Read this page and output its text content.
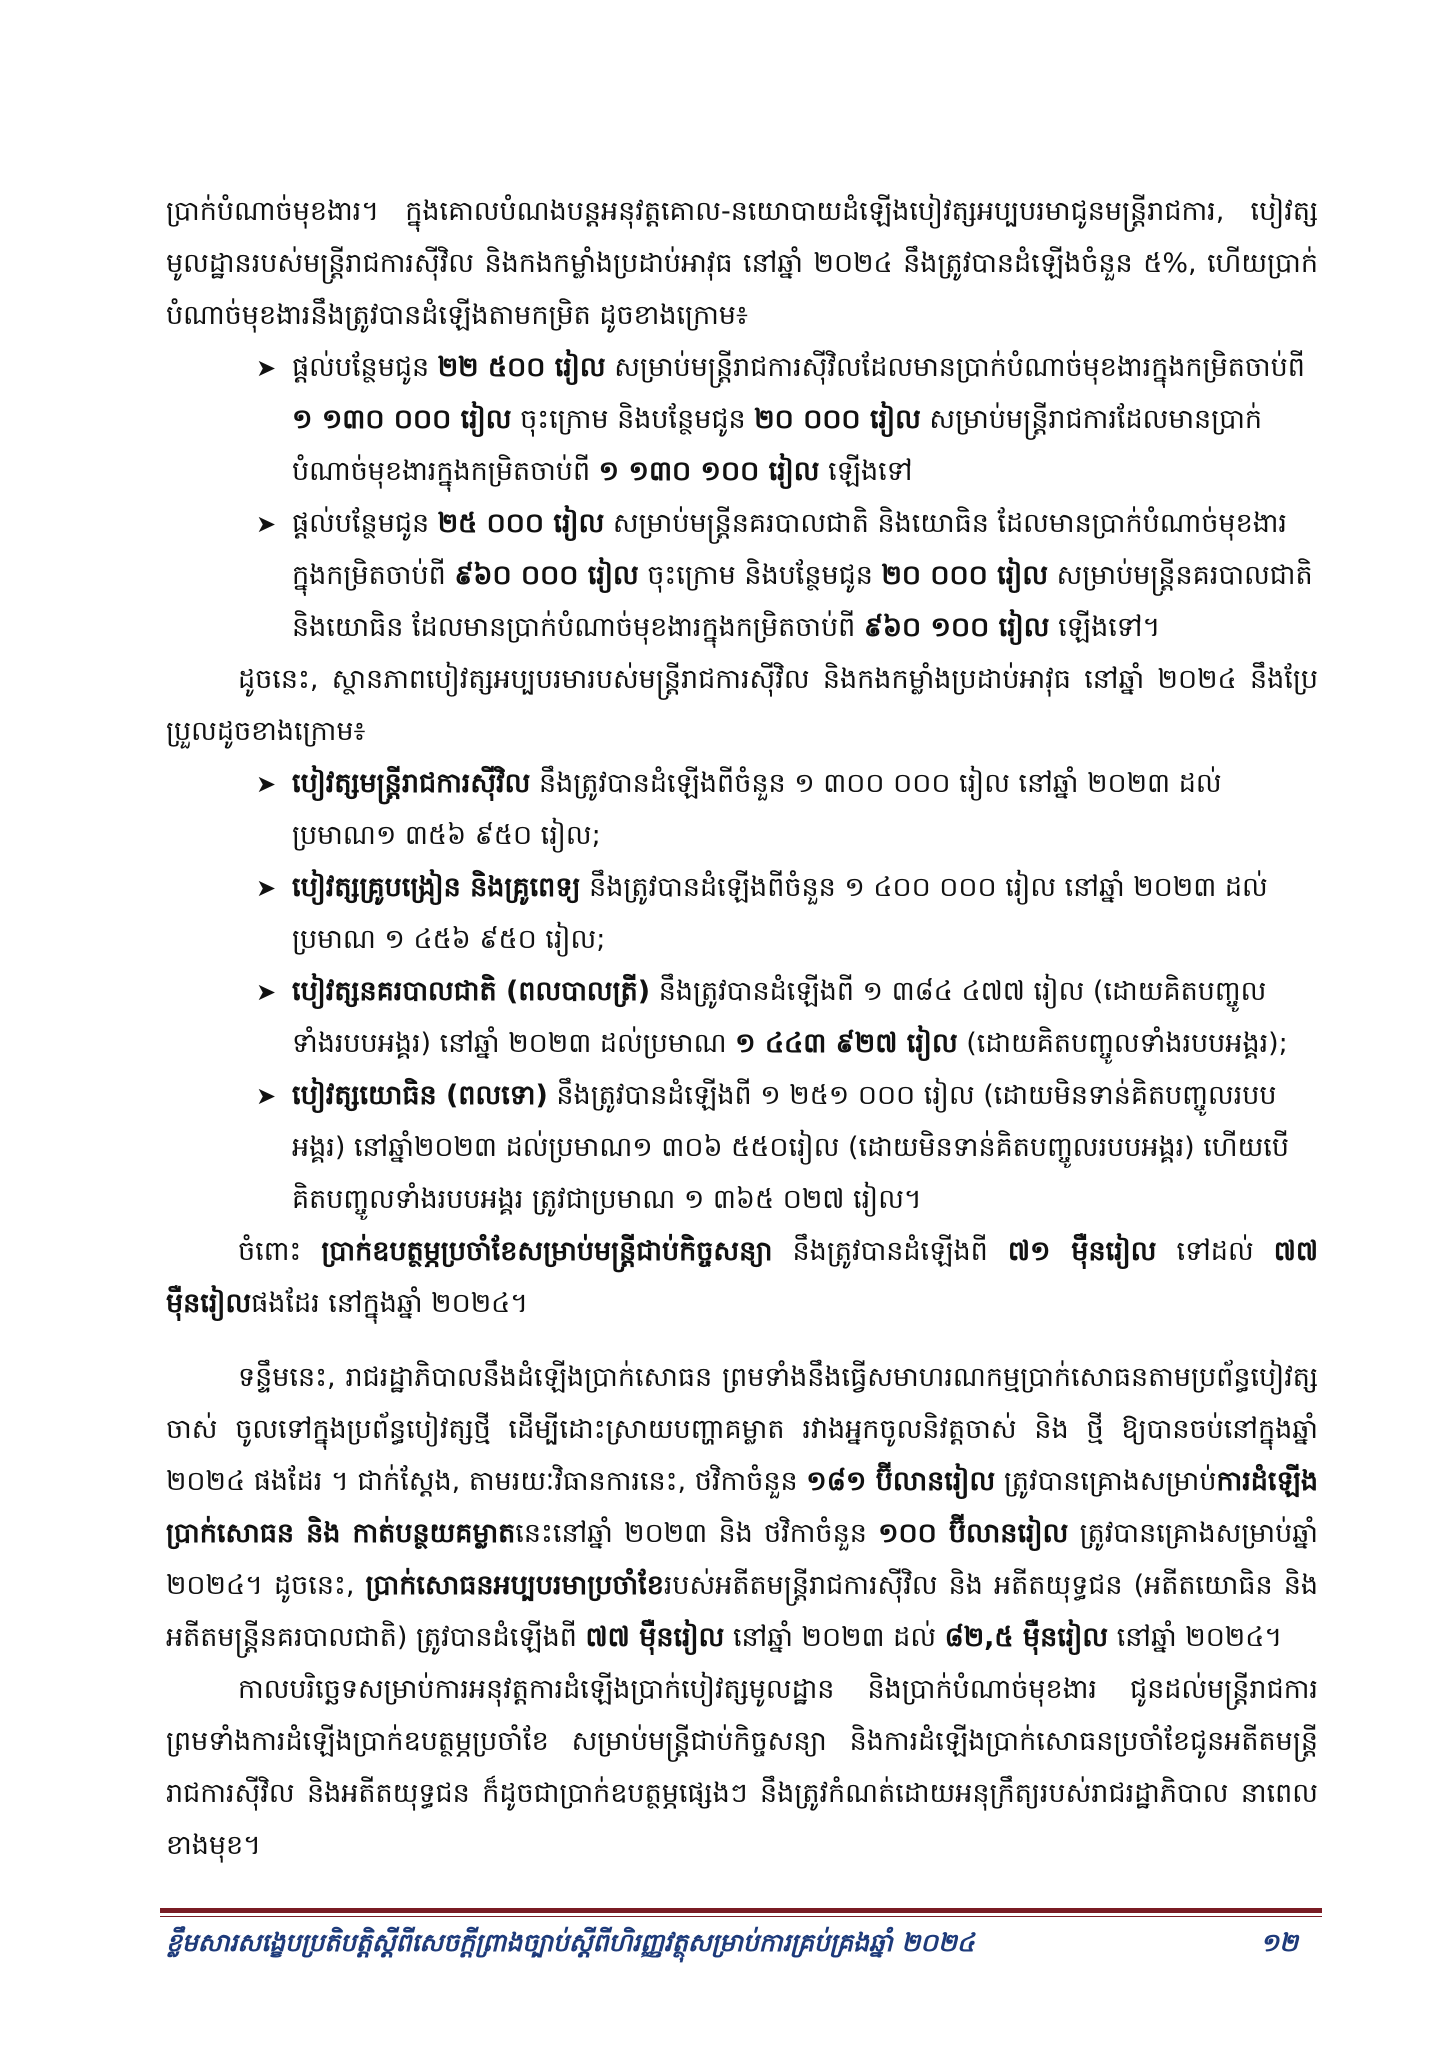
ប្រាក់បំណាច់មុខងារ។ ក្នុងគោលបំណងបន្តអនុវត្តគោល-នយោបាយដំឡើងបៀវត្សអប្បបរមាជូនមន្ត្រីរាជការ, បៀវត្សមូលដ្ឋានរបស់មន្ត្រីរាជការស៊ីវិល និងកងកម្លាំងប្រដាប់អាវុធ នៅឆ្នាំ ២០២៤ នឹងត្រូវបានដំឡើងចំនួន ៥%, ហើយប្រាក់បំណាច់មុខងារនឹងត្រូវបានដំឡើងតាមកម្រិត ដូចខាងក្រោម៖

➤ ផ្តល់បន្ថែមជូន ២២ ៥០០ រៀល សម្រាប់មន្ត្រីរាជការស៊ីវិលដែលមានប្រាក់បំណាច់មុខងារក្នុងកម្រិតចាប់ពី ១ ១៣០ ០០០ រៀល ចុះក្រោម និងបន្ថែមជូន ២០ ០០០ រៀល សម្រាប់មន្ត្រីរាជការដែលមានប្រាក់បំណាច់មុខងារក្នុងកម្រិតចាប់ពី ១ ១៣០ ១០០ រៀល ឡើងទៅ
➤ ផ្តល់បន្ថែមជូន ២៥ ០០០ រៀល សម្រាប់មន្ត្រីនគរបាលជាតិ និងយោធិន ដែលមានប្រាក់បំណាច់មុខងារ ក្នុងកម្រិតចាប់ពី ៩៦០ ០០០ រៀល ចុះក្រោម និងបន្ថែមជូន ២០ ០០០ រៀល សម្រាប់មន្ត្រីនគរបាលជាតិ និងយោធិន ដែលមានប្រាក់បំណាច់មុខងារក្នុងកម្រិតចាប់ពី ៩៦០ ១០០ រៀល ឡើងទៅ។

ដូចនេះ, ស្ថានភាពបៀវត្សអប្បបរមារបស់មន្ត្រីរាជការស៊ីវិល និងកងកម្លាំងប្រដាប់អាវុធ នៅឆ្នាំ ២០២៤ នឹងប្រែប្រួលដូចខាងក្រោម៖

➤ បៀវត្សមន្ត្រីរាជការស៊ីវិល នឹងត្រូវបានដំឡើងពីចំនួន ១ ៣០០ ០០០ រៀល នៅឆ្នាំ ២០២៣ ដល់ប្រមាណ១ ៣៥៦ ៩៥០ រៀល;
➤ បៀវត្សគ្រូបង្រៀន និងគ្រូពេទ្យ នឹងត្រូវបានដំឡើងពីចំនួន ១ ៤០០ ០០០ រៀល នៅឆ្នាំ ២០២៣ ដល់ប្រមាណ ១ ៤៥៦ ៩៥០ រៀល;
➤ បៀវត្សនគរបាលជាតិ (ពលបាលត្រី) នឹងត្រូវបានដំឡើងពី ១ ៣៨៤ ៤៧៧ រៀល (ដោយគិតបញ្ចូលទាំងរបបអង្គរ) នៅឆ្នាំ ២០២៣ ដល់ប្រមាណ ១ ៤៤៣ ៩២៧ រៀល (ដោយគិតបញ្ចូលទាំងរបបអង្គរ);
➤ បៀវត្សយោធិន (ពលទោ) នឹងត្រូវបានដំឡើងពី ១ ២៥១ ០០០ រៀល (ដោយមិនទាន់គិតបញ្ចូលរបបអង្គរ) នៅឆ្នាំ២០២៣ ដល់ប្រមាណ១ ៣០៦ ៥៥០រៀល (ដោយមិនទាន់គិតបញ្ចូលរបបអង្គរ) ហើយបើគិតបញ្ចូលទាំងរបបអង្គរ ត្រូវជាប្រមាណ ១ ៣៦៥ ០២៧ រៀល។

ចំពោះ ប្រាក់ឧបត្ថម្ភប្រចាំខែសម្រាប់មន្ត្រីជាប់កិច្ចសន្យា នឹងត្រូវបានដំឡើងពី ៧១ ម៉ឺនរៀល ទៅដល់ ៧៧ ម៉ឺនរៀលផងដែរ នៅក្នុងឆ្នាំ ២០២៤។

ទន្ទឹមនេះ, រាជរដ្ឋាភិបាលនឹងដំឡើងប្រាក់សោធន ព្រមទាំងនឹងធ្វើសមាហរណកម្មប្រាក់សោធនតាមប្រព័ន្ធបៀវត្សចាស់ ចូលទៅក្នុងប្រព័ន្ធបៀវត្សថ្មី ដើម្បីដោះស្រាយបញ្ហាគម្លាត រវាងអ្នកចូលនិវត្តចាស់ និង ថ្មី ឱ្យបានចប់នៅក្នុងឆ្នាំ ២០២៤ ផងដែរ ។ ជាក់ស្តែង, តាមរយៈវិធានការនេះ, ថវិកាចំនួន ១៨១ ប៊ីលានរៀល ត្រូវបានគ្រោងសម្រាប់ការដំឡើងប្រាក់សោធន និង កាត់បន្ថយគម្លាតនេះនៅឆ្នាំ ២០២៣ និង ថវិកាចំនួន ១០០ ប៊ីលានរៀល ត្រូវបានគ្រោងសម្រាប់ឆ្នាំ ២០២៤។ ដូចនេះ, ប្រាក់សោធនអប្បបរមាប្រចាំខែរបស់អតីតមន្ត្រីរាជការស៊ីវិល និង អតីតយុទ្ធជន (អតីតយោធិន និង អតីតមន្ត្រីនគរបាលជាតិ) ត្រូវបានដំឡើងពី ៧៧ ម៉ឺនរៀល នៅឆ្នាំ ២០២៣ ដល់ ៨២,៥ ម៉ឺនរៀល នៅឆ្នាំ ២០២៤។

កាលបរិច្ឆេទសម្រាប់ការអនុវត្តការដំឡើងប្រាក់បៀវត្សមូលដ្ឋាន និងប្រាក់បំណាច់មុខងារ ជូនដល់មន្ត្រីរាជការ ព្រមទាំងការដំឡើងប្រាក់ឧបត្ថម្ភប្រចាំខែ សម្រាប់មន្ត្រីជាប់កិច្ចសន្យា និងការដំឡើងប្រាក់សោធនប្រចាំខែជូនអតីតមន្ត្រីរាជការស៊ីវិល និងអតីតយុទ្ធជន ក៏ដូចជាប្រាក់ឧបត្ថម្ភផ្សេងៗ នឹងត្រូវកំណត់ដោយអនុក្រឹត្យរបស់រាជរដ្ឋាភិបាល នាពេលខាងមុខ។

ខ្លឹមសារសង្ខេបប្រតិបត្តិស្តីពីសេចក្តីព្រាងច្បាប់ស្តីពីហិរញ្ញវត្ថុសម្រាប់ការគ្រប់គ្រងឆ្នាំ ២០២៤	១២
